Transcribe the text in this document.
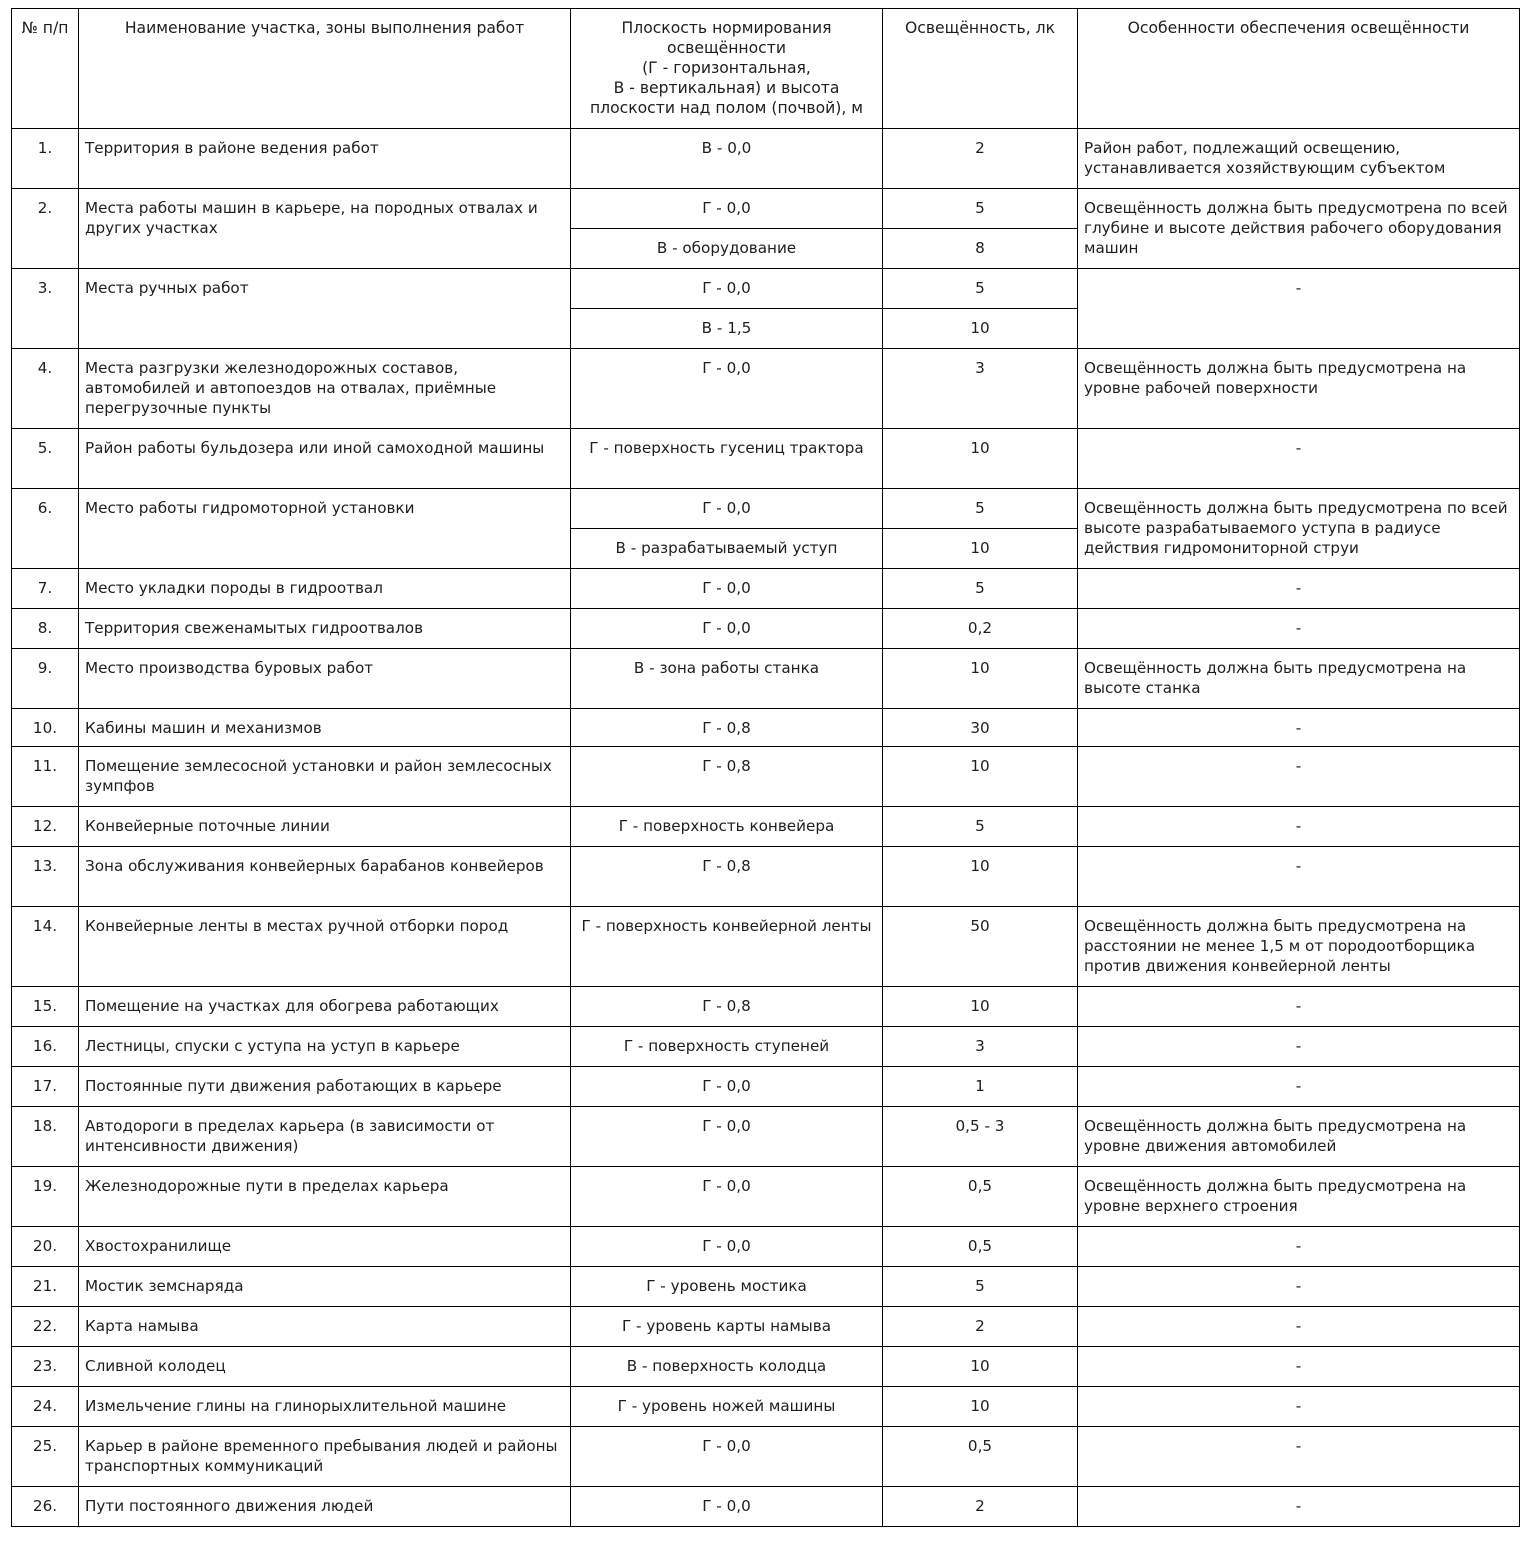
№ п/п	Наименование участка, зоны выполнения работ	Плоскость нормирования
освещённости
(Г - горизонтальная,
В - вертикальная) и высота
плоскости над полом (почвой), м	Освещённость, лк	Особенности обеспечения освещённости
1.	Территория в районе ведения работ	В - 0,0	2	Район работ, подлежащий освещению, устанавливается хозяйствующим субъектом
2.	Места работы машин в карьере, на породных отвалах и других участках	Г - 0,0	5	Освещённость должна быть предусмотрена по всей глубине и высоте действия рабочего оборудования машин
		В - оборудование	8	
3.	Места ручных работ	Г - 0,0	5	-
		В - 1,5	10	
4.	Места разгрузки железнодорожных составов, автомобилей и автопоездов на отвалах, приёмные перегрузочные пункты	Г - 0,0	3	Освещённость должна быть предусмотрена на уровне рабочей поверхности
5.	Район работы бульдозера или иной самоходной машины	Г - поверхность гусениц трактора	10	-
6.	Место работы гидромоторной установки	Г - 0,0	5	Освещённость должна быть предусмотрена по всей высоте разрабатываемого уступа в радиусе действия гидромониторной струи
		В - разрабатываемый уступ	10	
7.	Место укладки породы в гидроотвал	Г - 0,0	5	-
8.	Территория свеженамытых гидроотвалов	Г - 0,0	0,2	-
9.	Место производства буровых работ	В - зона работы станка	10	Освещённость должна быть предусмотрена на высоте станка
10.	Кабины машин и механизмов	Г - 0,8	30	-
11.	Помещение землесосной установки и район землесосных зумпфов	Г - 0,8	10	-
12.	Конвейерные поточные линии	Г - поверхность конвейера	5	-
13.	Зона обслуживания конвейерных барабанов конвейеров	Г - 0,8	10	-
14.	Конвейерные ленты в местах ручной отборки пород	Г - поверхность конвейерной ленты	50	Освещённость должна быть предусмотрена на расстоянии не менее 1,5 м от породоотборщика против движения конвейерной ленты
15.	Помещение на участках для обогрева работающих	Г - 0,8	10	-
16.	Лестницы, спуски с уступа на уступ в карьере	Г - поверхность ступеней	3	-
17.	Постоянные пути движения работающих в карьере	Г - 0,0	1	-
18.	Автодороги в пределах карьера (в зависимости от интенсивности движения)	Г - 0,0	0,5 - 3	Освещённость должна быть предусмотрена на уровне движения автомобилей
19.	Железнодорожные пути в пределах карьера	Г - 0,0	0,5	Освещённость должна быть предусмотрена на уровне верхнего строения
20.	Хвостохранилище	Г - 0,0	0,5	-
21.	Мостик земснаряда	Г - уровень мостика	5	-
22.	Карта намыва	Г - уровень карты намыва	2	-
23.	Сливной колодец	В - поверхность колодца	10	-
24.	Измельчение глины на глинорыхлительной машине	Г - уровень ножей машины	10	-
25.	Карьер в районе временного пребывания людей и районы транспортных коммуникаций	Г - 0,0	0,5	-
26.	Пути постоянного движения людей	Г - 0,0	2	-
